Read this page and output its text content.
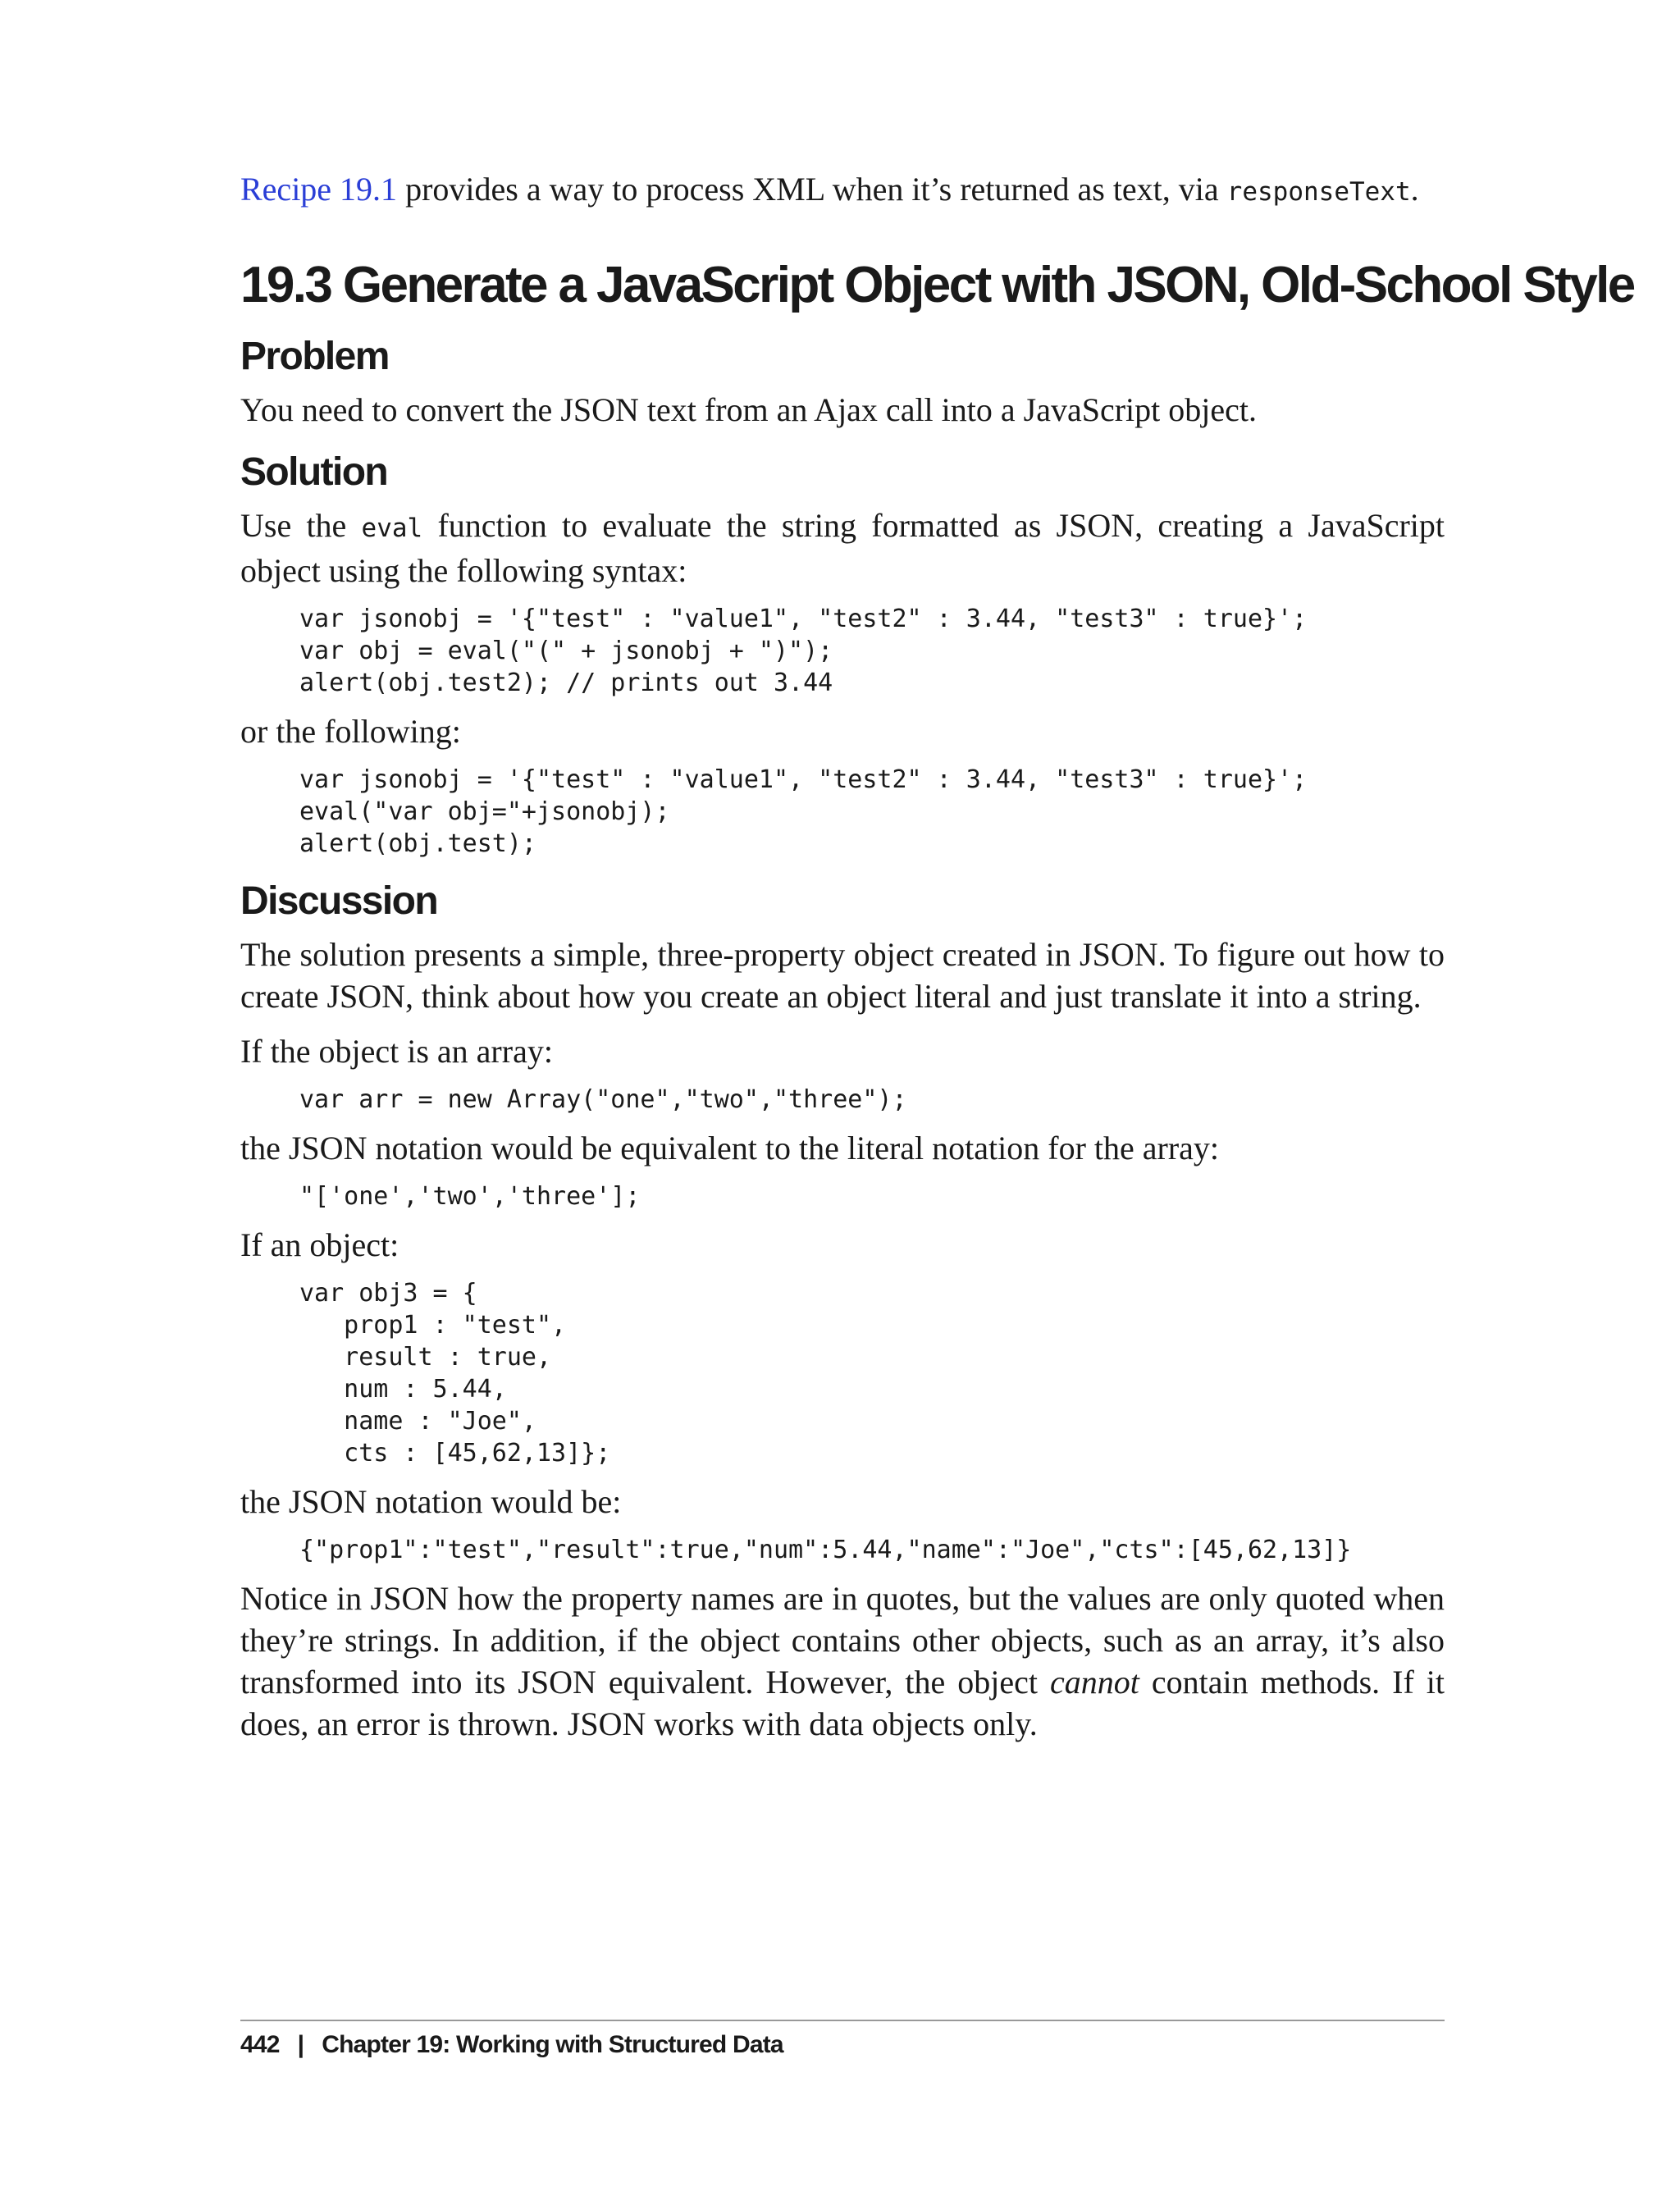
Recipe 19.1 provides a way to process XML when it’s returned as text, via responseText.

19.3 Generate a JavaScript Object with JSON, Old-School Style
Problem

You need to convert the JSON text from an Ajax call into a JavaScript object.

Solution

Use the eval function to evaluate the string formatted as JSON, creating a JavaScript object using the following syntax:

var jsonobj = '{"test" : "value1", "test2" : 3.44, "test3" : true}';
var obj = eval("(" + jsonobj + ")");
alert(obj.test2); // prints out 3.44

or the following:

var jsonobj = '{"test" : "value1", "test2" : 3.44, "test3" : true}';
eval("var obj="+jsonobj);
alert(obj.test);
Discussion

The solution presents a simple, three-property object created in JSON. To figure out how to create JSON, think about how you create an object literal and just translate it into a string.

If the object is an array:

var arr = new Array("one","two","three");

the JSON notation would be equivalent to the literal notation for the array:

"['one','two','three'];

If an object:

var obj3 = {
prop1 : "test",
result : true,
num : 5.44,
name : "Joe",
cts : [45,62,13]};

the JSON notation would be:

{"prop1":"test","result":true,"num":5.44,"name":"Joe","cts":[45,62,13]}

Notice in JSON how the property names are in quotes, but the values are only quoted when they’re strings. In addition, if the object contains other objects, such as an array, it’s also transformed into its JSON equivalent. However, the object cannot contain methods. If it does, an error is thrown. JSON works with data objects only.

442 | Chapter 19: Working with Structured Data
